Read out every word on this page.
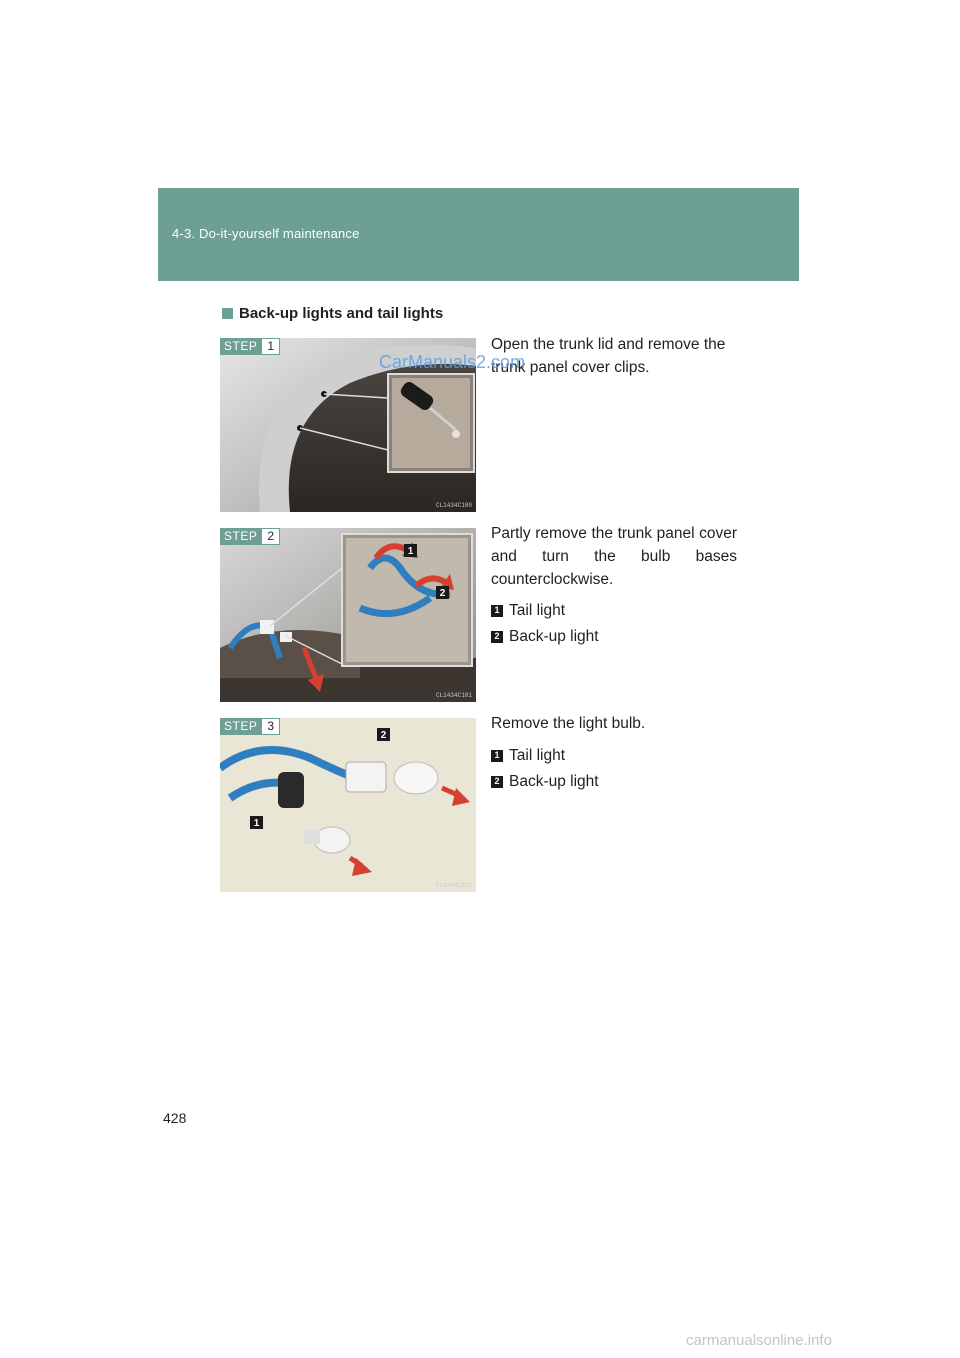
4-3. Do-it-yourself maintenance
Back-up lights and tail lights
STEP 1
CL1434C100

Open the trunk lid and remove the trunk panel cover clips.

STEP 2
1
2
CL1434C101

Partly remove the trunk panel cover and turn the bulb bases counterclockwise.

1 Tail light
2 Back-up light
STEP 3
2
1
CL1434C102

Remove the light bulb.

1 Tail light
2 Back-up light
428
CarManuals2.com
carmanualsonline.info
